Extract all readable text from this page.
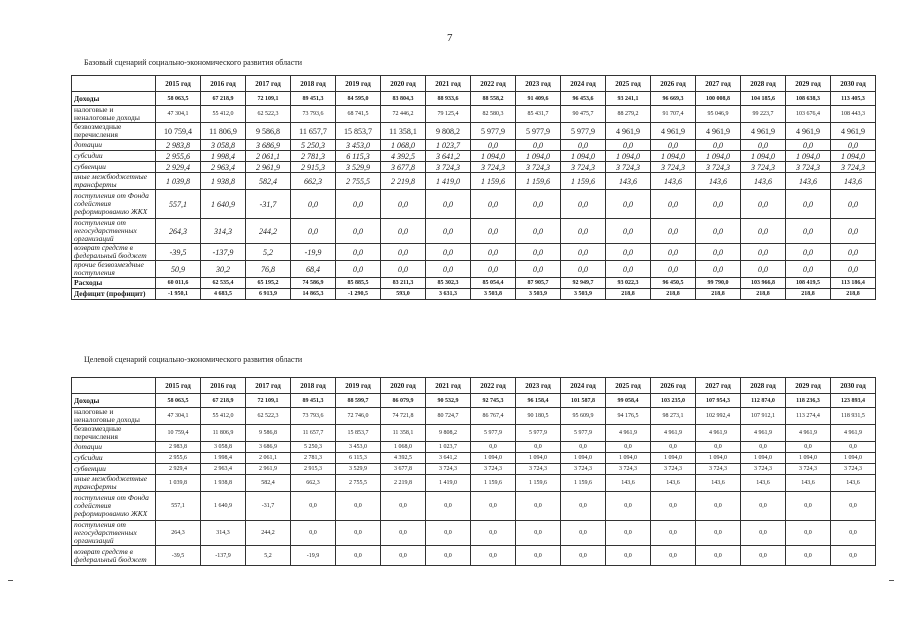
7
Базовый сценарий социально-экономического развития области
	2015 год	2016 год	2017 год	2018 год	2019 год	2020 год	2021 год	2022 год	2023 год	2024 год	2025 год	2026 год	2027 год	2028 год	2029 год	2030 год
Доходы	58 063,5	67 218,9	72 109,1	89 451,3	84 595,0	83 804,3	88 933,6	88 558,2	91 409,6	96 453,6	93 241,1	96 669,3	100 008,8	104 185,6	108 638,3	113 405,3
налоговые и неналоговые доходы	47 304,1	55 412,0	62 522,3	73 793,6	68 741,5	72 446,2	79 125,4	82 580,3	85 431,7	90 475,7	88 279,2	91 707,4	95 046,9	99 223,7	103 676,4	108 443,3
безвозмездные перечисления	10 759,4	11 806,9	9 586,8	11 657,7	15 853,7	11 358,1	9 808,2	5 977,9	5 977,9	5 977,9	4 961,9	4 961,9	4 961,9	4 961,9	4 961,9	4 961,9
дотации	2 983,8	3 058,8	3 686,9	5 250,3	3 453,0	1 068,0	1 023,7	0,0	0,0	0,0	0,0	0,0	0,0	0,0	0,0	0,0
субсидии	2 955,6	1 998,4	2 061,1	2 781,3	6 115,3	4 392,5	3 641,2	1 094,0	1 094,0	1 094,0	1 094,0	1 094,0	1 094,0	1 094,0	1 094,0	1 094,0
субвенции	2 929,4	2 963,4	2 961,9	2 915,3	3 529,9	3 677,8	3 724,3	3 724,3	3 724,3	3 724,3	3 724,3	3 724,3	3 724,3	3 724,3	3 724,3	3 724,3
иные межбюджетные трансферты	1 039,8	1 938,8	582,4	662,3	2 755,5	2 219,8	1 419,0	1 159,6	1 159,6	1 159,6	143,6	143,6	143,6	143,6	143,6	143,6
поступления от Фонда содействия реформированию ЖКХ	557,1	1 640,9	-31,7	0,0	0,0	0,0	0,0	0,0	0,0	0,0	0,0	0,0	0,0	0,0	0,0	0,0
поступления от негосударственных организаций	264,3	314,3	244,2	0,0	0,0	0,0	0,0	0,0	0,0	0,0	0,0	0,0	0,0	0,0	0,0	0,0
возврат средств в федеральный бюджет	-39,5	-137,9	5,2	-19,9	0,0	0,0	0,0	0,0	0,0	0,0	0,0	0,0	0,0	0,0	0,0	0,0
прочие безвозмездные поступления	50,9	30,2	76,8	68,4	0,0	0,0	0,0	0,0	0,0	0,0	0,0	0,0	0,0	0,0	0,0	0,0
Расходы	60 011,6	62 535,4	65 195,2	74 586,9	85 885,5	83 211,3	85 302,3	85 054,4	87 905,7	92 949,7	93 022,3	96 450,5	99 790,0	103 966,8	108 419,5	113 186,4
Дефицит (профицит)	-1 950,1	4 683,5	6 913,9	14 865,3	-1 290,5	593,0	3 631,3	3 503,8	3 503,9	3 503,9	218,8	218,8	218,8	218,8	218,8	218,8
Целевой сценарий социально-экономического развития области
	2015 год	2016 год	2017 год	2018 год	2019 год	2020 год	2021 год	2022 год	2023 год	2024 год	2025 год	2026 год	2027 год	2028 год	2029 год	2030 год
Доходы	58 063,5	67 218,9	72 109,1	89 451,3	88 599,7	86 079,9	90 532,9	92 745,3	96 158,4	101 587,8	99 058,4	103 235,0	107 954,3	112 874,0	118 236,3	123 893,4
налоговые и неналоговые доходы	47 304,1	55 412,0	62 522,3	73 793,6	72 746,0	74 721,8	80 724,7	86 767,4	90 180,5	95 609,9	94 176,5	98 273,1	102 992,4	107 912,1	113 274,4	118 931,5
безвозмездные перечисления	10 759,4	11 806,9	9 586,8	11 657,7	15 853,7	11 358,1	9 808,2	5 977,9	5 977,9	5 977,9	4 961,9	4 961,9	4 961,9	4 961,9	4 961,9	4 961,9
дотации	2 983,8	3 058,8	3 686,9	5 250,3	3 453,0	1 068,0	1 023,7	0,0	0,0	0,0	0,0	0,0	0,0	0,0	0,0	0,0
субсидии	2 955,6	1 998,4	2 061,1	2 781,3	6 115,3	4 392,5	3 641,2	1 094,0	1 094,0	1 094,0	1 094,0	1 094,0	1 094,0	1 094,0	1 094,0	1 094,0
субвенции	2 929,4	2 963,4	2 961,9	2 915,3	3 529,9	3 677,8	3 724,3	3 724,3	3 724,3	3 724,3	3 724,3	3 724,3	3 724,3	3 724,3	3 724,3	3 724,3
иные межбюджетные трансферты	1 039,8	1 938,8	582,4	662,3	2 755,5	2 219,8	1 419,0	1 159,6	1 159,6	1 159,6	143,6	143,6	143,6	143,6	143,6	143,6
поступления от Фонда содействия реформированию ЖКХ	557,1	1 640,9	-31,7	0,0	0,0	0,0	0,0	0,0	0,0	0,0	0,0	0,0	0,0	0,0	0,0	0,0
поступления от негосударственных организаций	264,3	314,3	244,2	0,0	0,0	0,0	0,0	0,0	0,0	0,0	0,0	0,0	0,0	0,0	0,0	0,0
возврат средств в федеральный бюджет	-39,5	-137,9	5,2	-19,9	0,0	0,0	0,0	0,0	0,0	0,0	0,0	0,0	0,0	0,0	0,0	0,0
